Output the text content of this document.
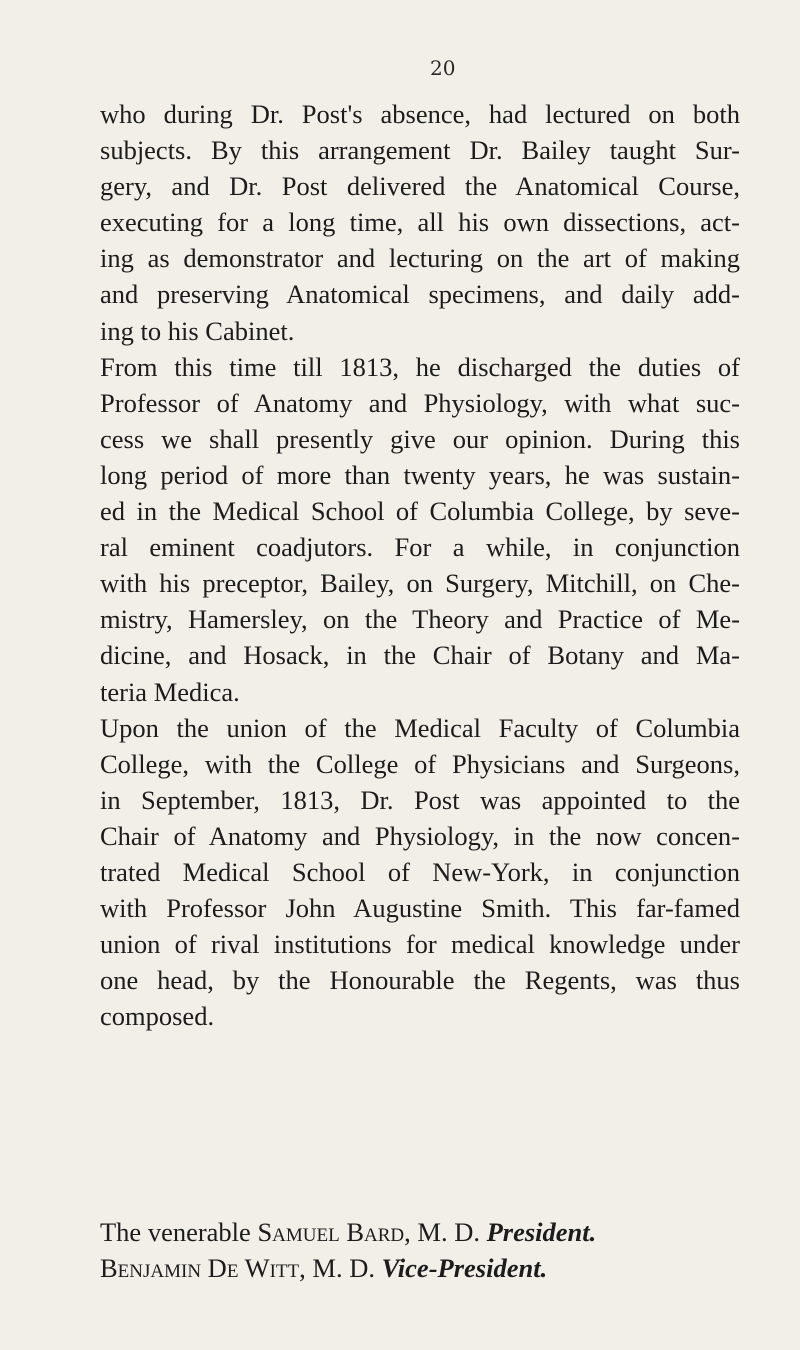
20
who during Dr. Post's absence, had lectured on both
subjects. By this arrangement Dr. Bailey taught Sur-
gery, and Dr. Post delivered the Anatomical Course,
executing for a long time, all his own dissections, act-
ing as demonstrator and lecturing on the art of making
and preserving Anatomical specimens, and daily add-
ing to his Cabinet.
From this time till 1813, he discharged the duties of
Professor of Anatomy and Physiology, with what suc-
cess we shall presently give our opinion. During this
long period of more than twenty years, he was sustain-
ed in the Medical School of Columbia College, by seve-
ral eminent coadjutors. For a while, in conjunction
with his preceptor, Bailey, on Surgery, Mitchill, on Che-
mistry, Hamersley, on the Theory and Practice of Me-
dicine, and Hosack, in the Chair of Botany and Ma-
teria Medica.
Upon the union of the Medical Faculty of Columbia
College, with the College of Physicians and Surgeons,
in September, 1813, Dr. Post was appointed to the
Chair of Anatomy and Physiology, in the now concen-
trated Medical School of New-York, in conjunction
with Professor John Augustine Smith. This far-famed
union of rival institutions for medical knowledge under
one head, by the Honourable the Regents, was thus
composed.
The venerable Samuel Bard, M. D. President.
Benjamin De Witt, M. D. Vice-President.
